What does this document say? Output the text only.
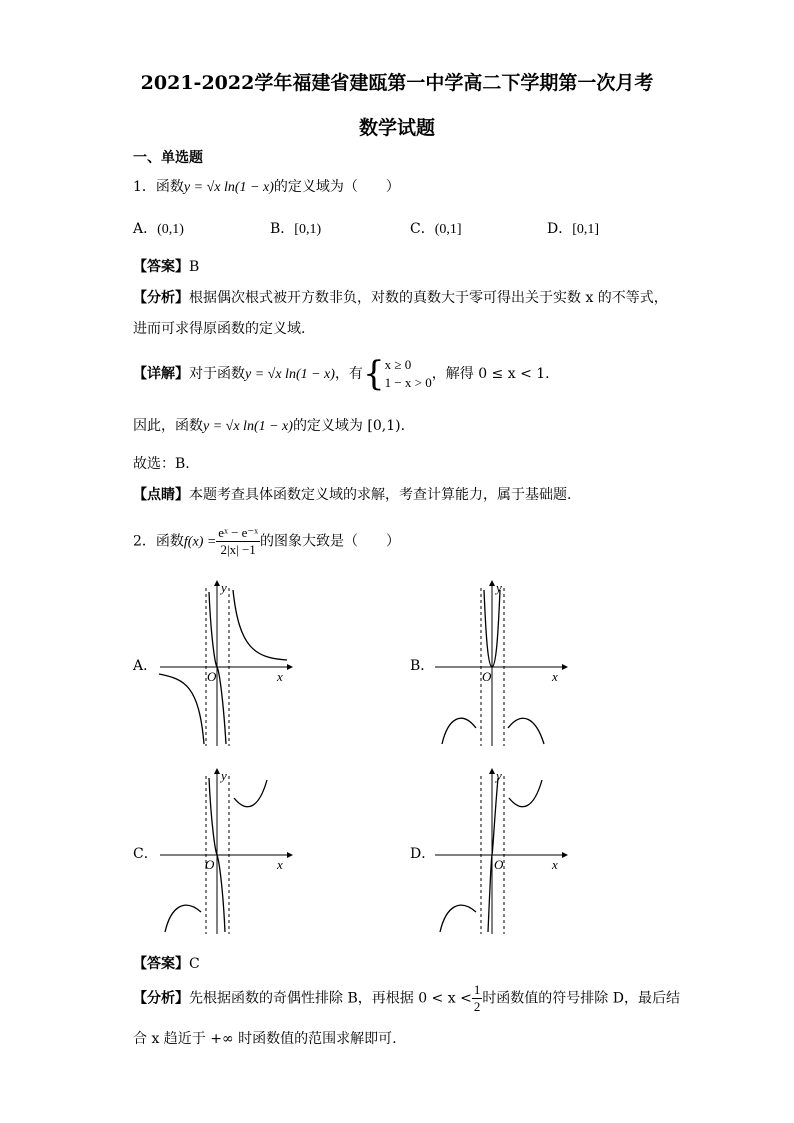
2021-2022学年福建省建瓯第一中学高二下学期第一次月考
数学试题
一、单选题
1．函数y = √x ln(1 − x)的定义域为（　　）
A．(0,1)	B．[0,1)	C．(0,1]	D．[0,1]
【答案】B
【分析】根据偶次根式被开方数非负，对数的真数大于零可得出关于实数 x 的不等式，
进而可求得原函数的定义域.
【详解】对于函数y = √x ln(1 − x)，有{ x ≥ 0
1 − x > 0
，解得 0 ≤ x < 1.
因此，函数y = √x ln(1 − x)的定义域为 [0,1).
故选：B.
【点睛】本题考查具体函数定义域的求解，考查计算能力，属于基础题.
2．函数$f(x) = \frac{\text{eˣ − e⁻ˣ}}{2|x| -1}$ 的图象大致是（　　）
A．	B．
C．	D．
y
O	x
y
O	x
y
O	x
y
O	x
【答案】C
【分析】先根据函数的奇偶性排除 B，再根据 $0 < x < \frac{1}{2}$ 时函数值的符号排除 D，最后结
合 x 趋近于 +∞ 时函数值的范围求解即可.
